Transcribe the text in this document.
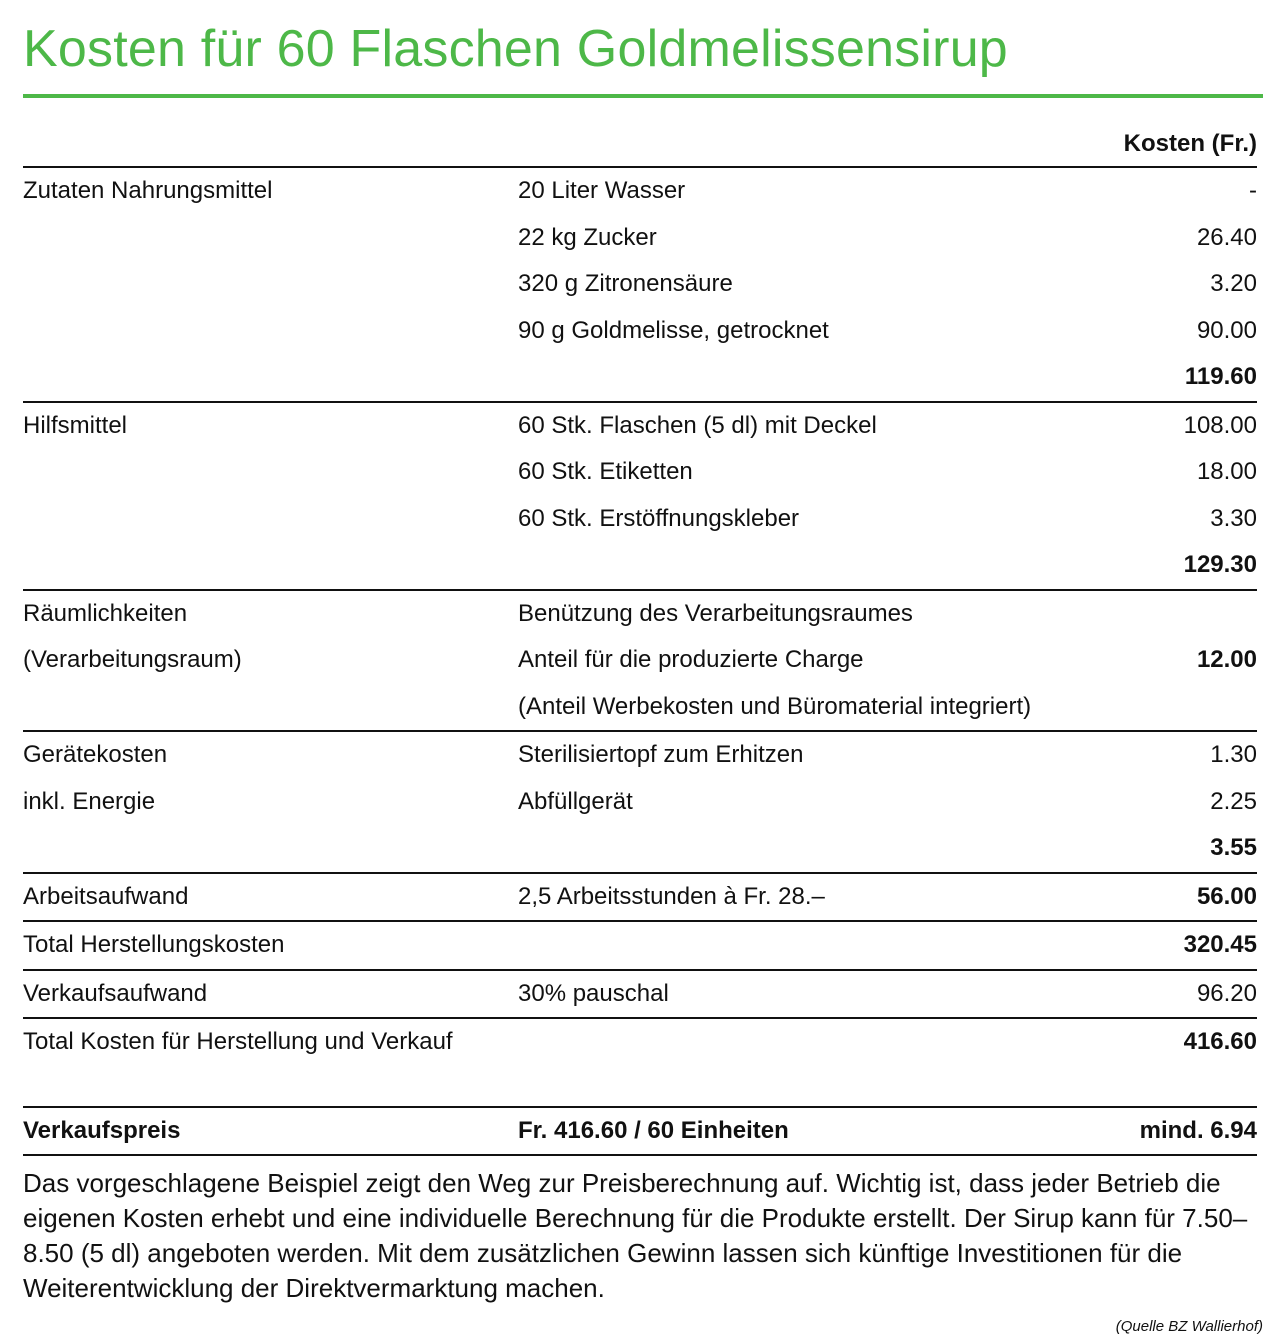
Kosten für 60 Flaschen Goldmelissensirup
		Kosten (Fr.)
Zutaten Nahrungsmittel	20 Liter Wasser	-
	22 kg Zucker	26.40
	320 g Zitronensäure	3.20
	90 g Goldmelisse, getrocknet	90.00
		119.60
Hilfsmittel	60 Stk. Flaschen (5 dl) mit Deckel	108.00
	60 Stk. Etiketten	18.00
	60 Stk. Erstöffnungskleber	3.30
		129.30
Räumlichkeiten	Benützung des Verarbeitungsraumes	
(Verarbeitungsraum)	Anteil für die produzierte Charge	12.00
	(Anteil Werbekosten und Büromaterial integriert)	
Gerätekosten	Sterilisiertopf zum Erhitzen	1.30
inkl. Energie	Abfüllgerät	2.25
		3.55
Arbeitsaufwand	2,5 Arbeitsstunden à Fr. 28.–	56.00
Total Herstellungskosten		320.45
Verkaufsaufwand	30% pauschal	96.20
Total Kosten für Herstellung und Verkauf		416.60

Verkaufspreis	Fr. 416.60 / 60 Einheiten	mind. 6.94
Das vorgeschlagene Beispiel zeigt den Weg zur Preisberechnung auf. Wichtig ist, dass jeder Betrieb die eigenen Kosten erhebt und eine individuelle Berechnung für die Produkte erstellt. Der Sirup kann für 7.50–8.50 (5 dl) angeboten werden. Mit dem zusätzlichen Gewinn lassen sich künftige Investitionen für die Weiterentwicklung der Direktvermarktung machen.
(Quelle BZ Wallierhof)
